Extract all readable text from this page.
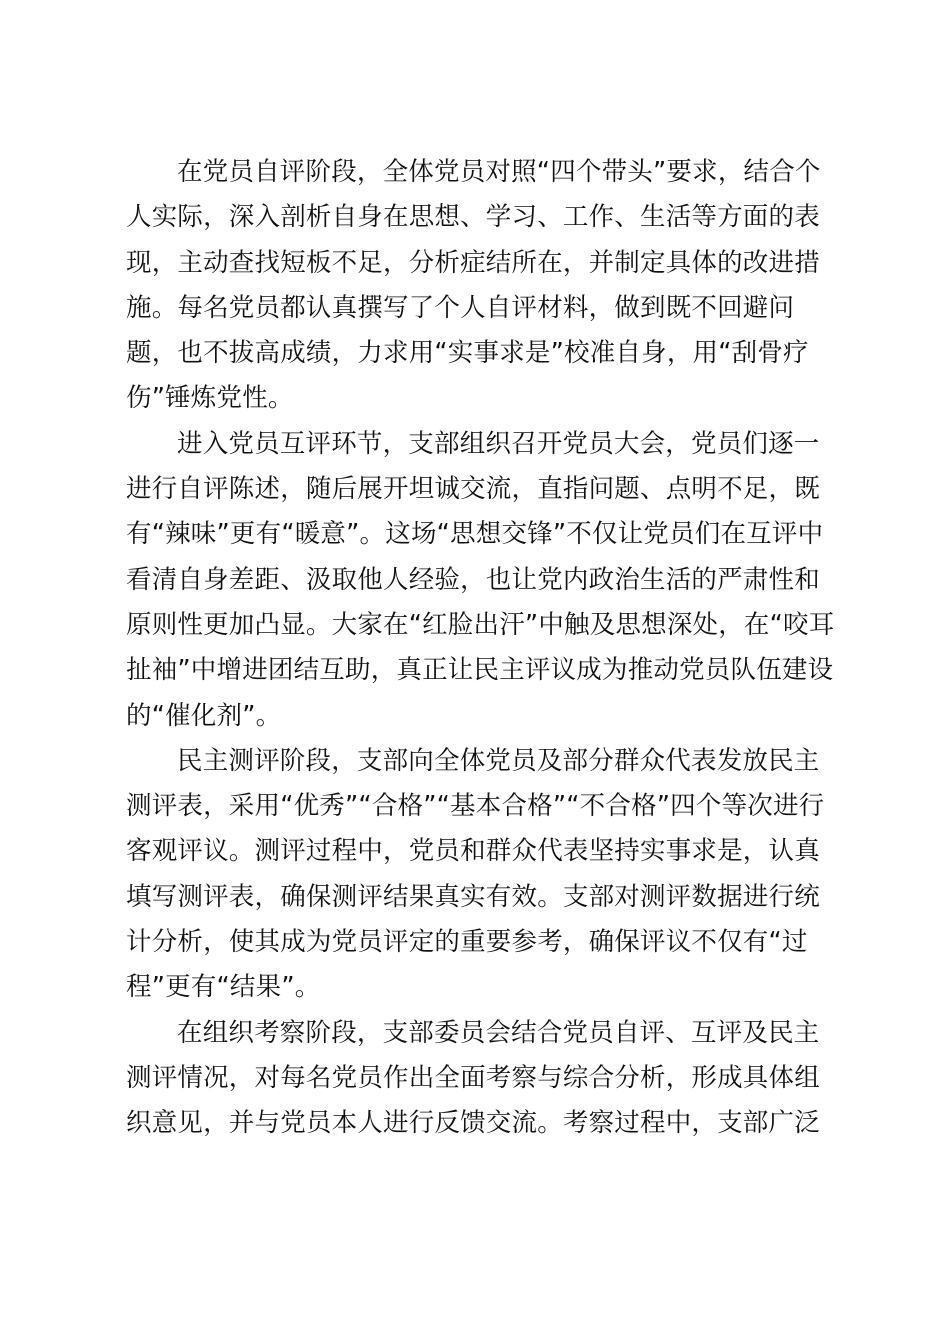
在党员自评阶段，全体党员对照“四个带头”要求，结合个
人实际，深入剖析自身在思想、学习、工作、生活等方面的表
现，主动查找短板不足，分析症结所在，并制定具体的改进措
施。每名党员都认真撰写了个人自评材料，做到既不回避问
题，也不拔高成绩，力求用“实事求是”校准自身，用“刮骨疗
伤”锤炼党性。

进入党员互评环节，支部组织召开党员大会，党员们逐一
进行自评陈述，随后展开坦诚交流，直指问题、点明不足，既
有“辣味”更有“暖意”。这场“思想交锋”不仅让党员们在互评中
看清自身差距、汲取他人经验，也让党内政治生活的严肃性和
原则性更加凸显。大家在“红脸出汗”中触及思想深处，在“咬耳
扯袖”中增进团结互助，真正让民主评议成为推动党员队伍建设
的“催化剂”。

民主测评阶段，支部向全体党员及部分群众代表发放民主
测评表，采用“优秀”“合格”“基本合格”“不合格”四个等次进行
客观评议。测评过程中，党员和群众代表坚持实事求是，认真
填写测评表，确保测评结果真实有效。支部对测评数据进行统
计分析，使其成为党员评定的重要参考，确保评议不仅有“过
程”更有“结果”。

在组织考察阶段，支部委员会结合党员自评、互评及民主
测评情况，对每名党员作出全面考察与综合分析，形成具体组
织意见，并与党员本人进行反馈交流。考察过程中，支部广泛
